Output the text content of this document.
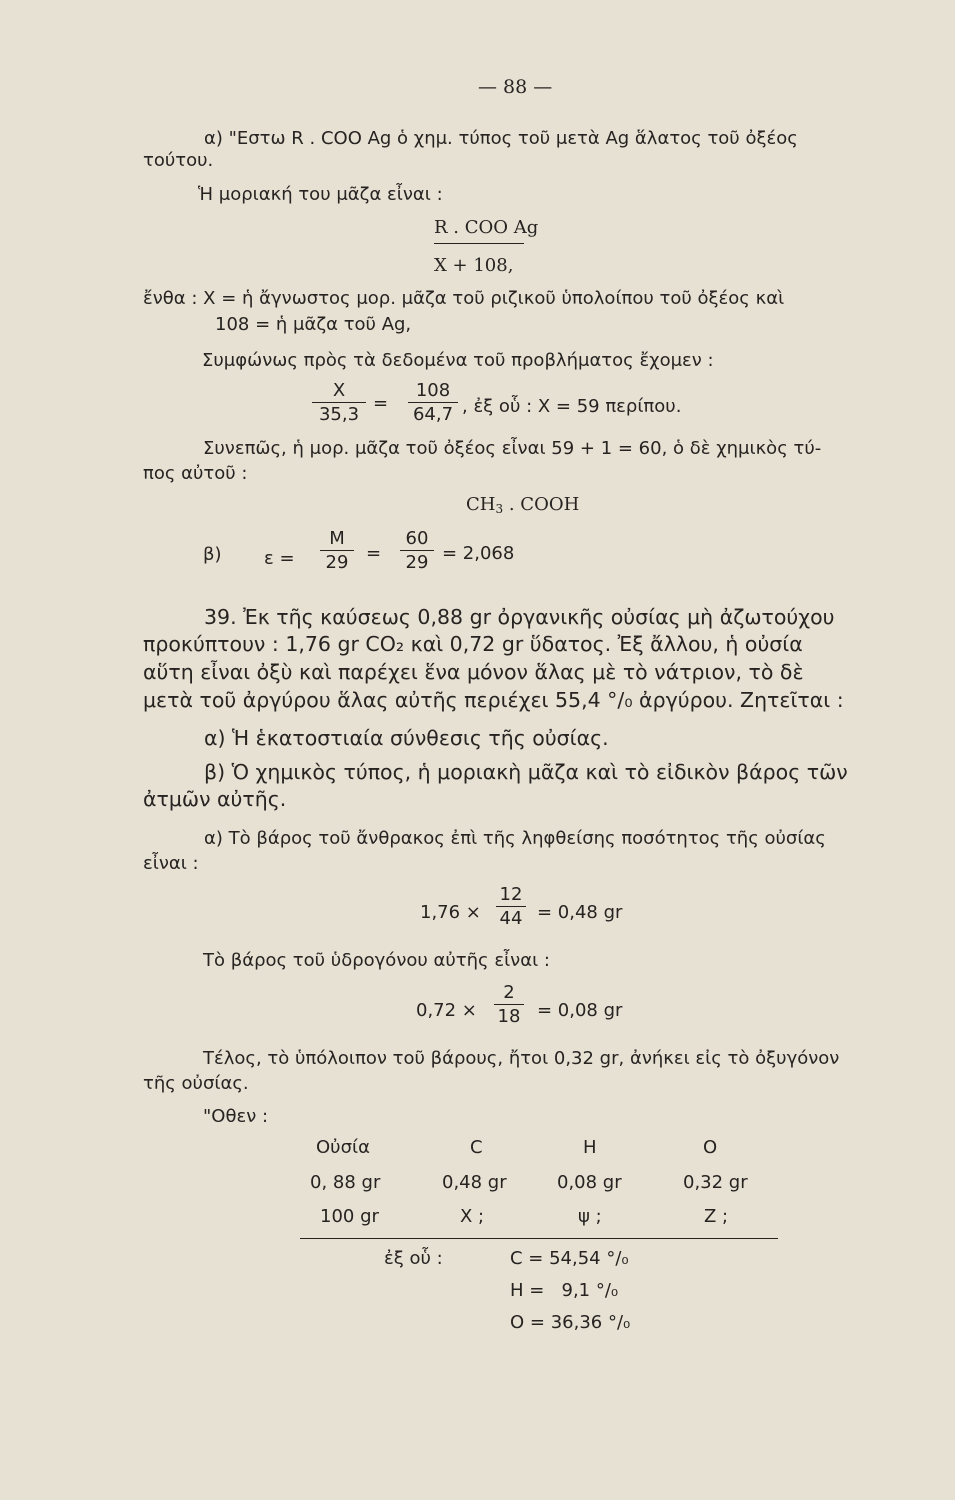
— 88 —
α) "Εστω R . COO Ag ὁ χημ. τύπος τοῦ μετὰ Ag ἅλατος τοῦ ὀξέος
τούτου.
Ἡ μοριακή του μᾶζα εἶναι :
R . COO Ag
X + 108,
ἔνθα : X = ἡ ἄγνωστος μορ. μᾶζα τοῦ ριζικοῦ ὑπολοίπου τοῦ ὀξέος καὶ
108 = ἡ μᾶζα τοῦ Ag,
Συμφώνως πρὸς τὰ δεδομένα τοῦ προβλήματος ἔχομεν :
$\frac{X}{35,3} = \frac{108}{64,7}$ , ἐξ οὗ : X = 59 περίπου.
Συνεπῶς, ἡ μορ. μᾶζα τοῦ ὀξέος εἶναι 59 + 1 = 60, ὁ δὲ χημικὸς τύ-
πος αὐτοῦ :
$CH_3$ . COOH
β) $\varepsilon = \frac{M}{29} = \frac{60}{29} = 2,068$
39. Ἐκ τῆς καύσεως 0,88 gr ὀργανικῆς οὐσίας μὴ ἀζωτούχου
προκύπτουν : 1,76 gr CO₂ καὶ 0,72 gr ὕδατος. Ἐξ ἄλλου, ἡ οὐσία
αὕτη εἶναι ὀξὺ καὶ παρέχει ἕνα μόνον ἅλας μὲ τὸ νάτριον, τὸ δὲ
μετὰ τοῦ ἀργύρου ἅλας αὐτῆς περιέχει 55,4 °/₀ ἀργύρου. Ζητεῖται :
α) Ἡ ἑκατοστιαία σύνθεσις τῆς οὐσίας.
β) Ὁ χημικὸς τύπος, ἡ μοριακὴ μᾶζα καὶ τὸ εἰδικὸν βάρος τῶν
ἀτμῶν αὐτῆς.
α) Τὸ βάρος τοῦ ἄνθρακος ἐπὶ τῆς ληφθείσης ποσότητος τῆς οὐσίας
εἶναι :
$1,76 \times \frac{12}{44} = 0,48$ gr
Τὸ βάρος τοῦ ὑδρογόνου αὐτῆς εἶναι :
$0,72 \times \frac{2}{18} = 0,08$ gr
Τέλος, τὸ ὑπόλοιπον τοῦ βάρους, ἤτοι 0,32 gr, ἀνήκει εἰς τὸ ὀξυγόνον
τῆς οὐσίας.
"Οθεν :
Οὐσία	C	H	O
0, 88 gr	0,48 gr	0,08 gr	0,32 gr
100 gr	X ;	ψ ;	Z ;
ἐξ οὗ :	C = 54,54 °/₀
H =   9,1 °/₀
O = 36,36 °/₀
